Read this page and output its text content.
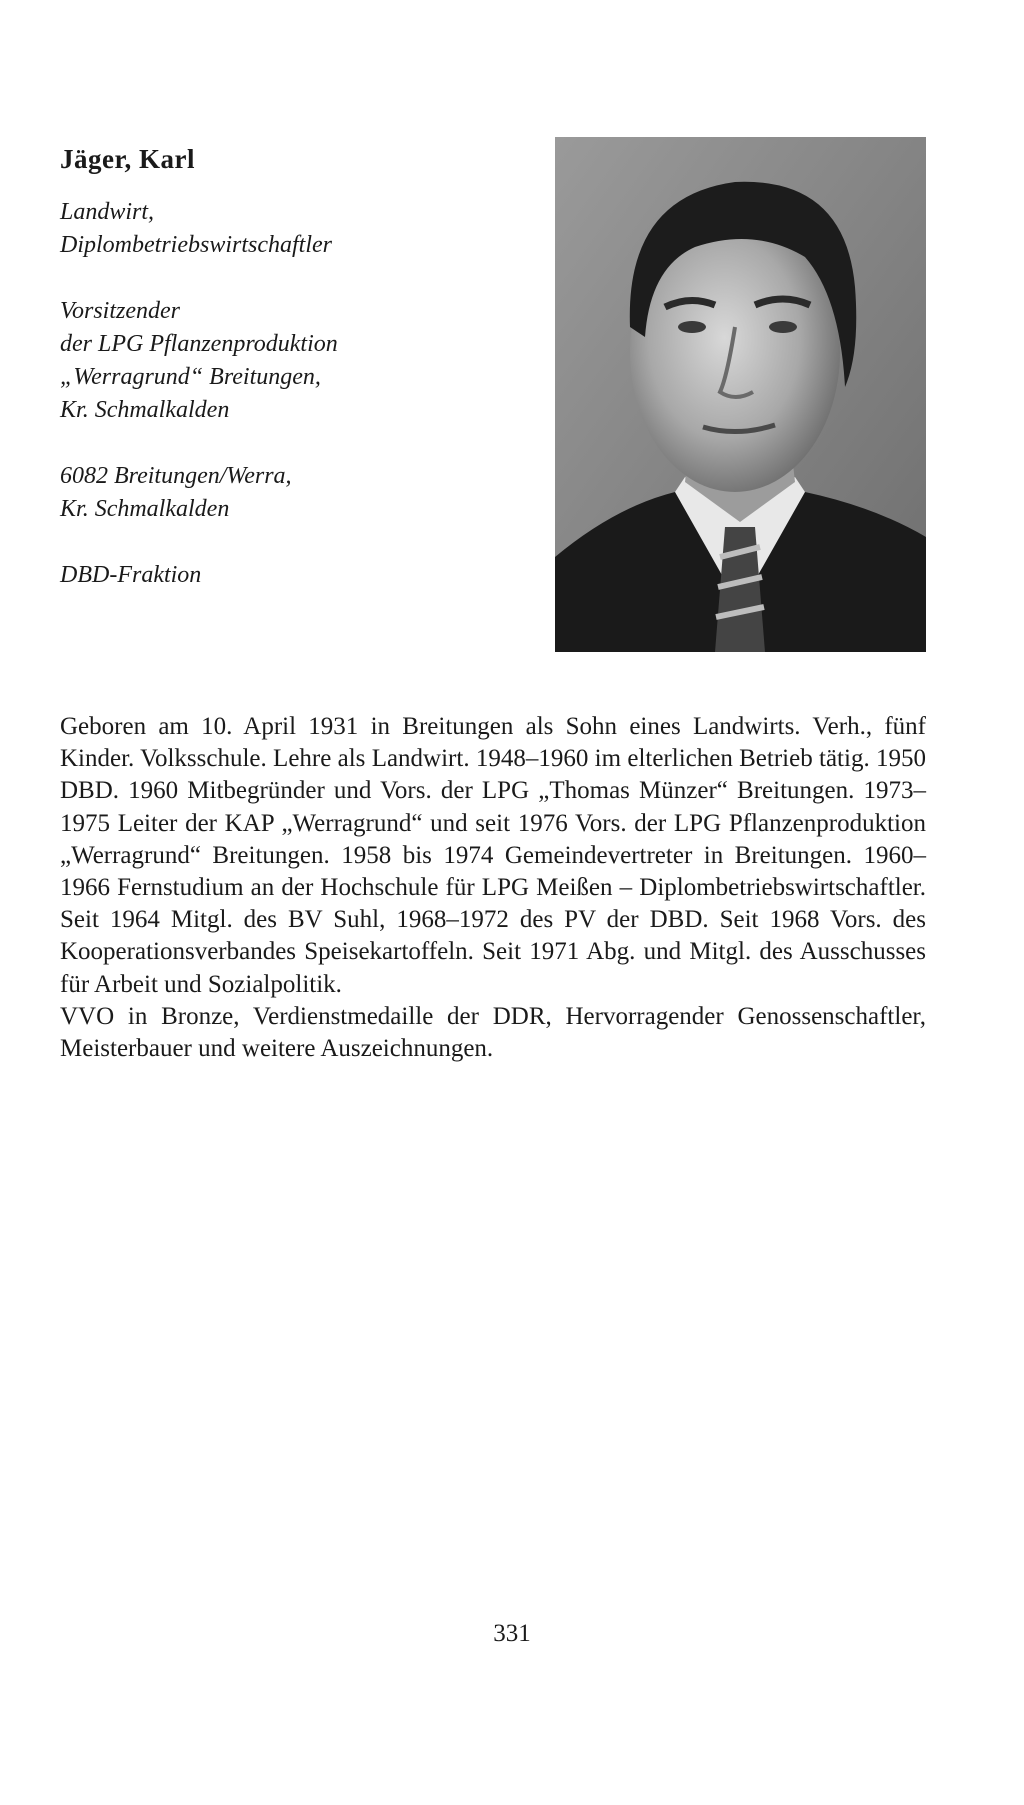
Jäger, Karl

Landwirt,
Diplombetriebswirtschaftler

Vorsitzender
der LPG Pflanzenproduktion
„Werragrund“ Breitungen,
Kr. Schmalkalden

6082 Breitungen/Werra,
Kr. Schmalkalden

DBD-Fraktion

Geboren am 10. April 1931 in Breitungen als Sohn eines Landwirts. Verh., fünf Kinder. Volksschule. Lehre als Landwirt. 1948–1960 im elterlichen Betrieb tätig. 1950 DBD. 1960 Mitbegründer und Vors. der LPG „Thomas Münzer“ Breitungen. 1973–1975 Leiter der KAP „Werragrund“ und seit 1976 Vors. der LPG Pflanzenproduktion „Werragrund“ Breitungen. 1958 bis 1974 Gemeindevertreter in Breitungen. 1960–1966 Fernstudium an der Hochschule für LPG Meißen – Diplombetriebswirtschaftler. Seit 1964 Mitgl. des BV Suhl, 1968–1972 des PV der DBD. Seit 1968 Vors. des Kooperationsverbandes Speisekartoffeln. Seit 1971 Abg. und Mitgl. des Ausschusses für Arbeit und Sozialpolitik.

VVO in Bronze, Verdienstmedaille der DDR, Hervorragender Genossenschaftler, Meisterbauer und weitere Auszeichnungen.

331
